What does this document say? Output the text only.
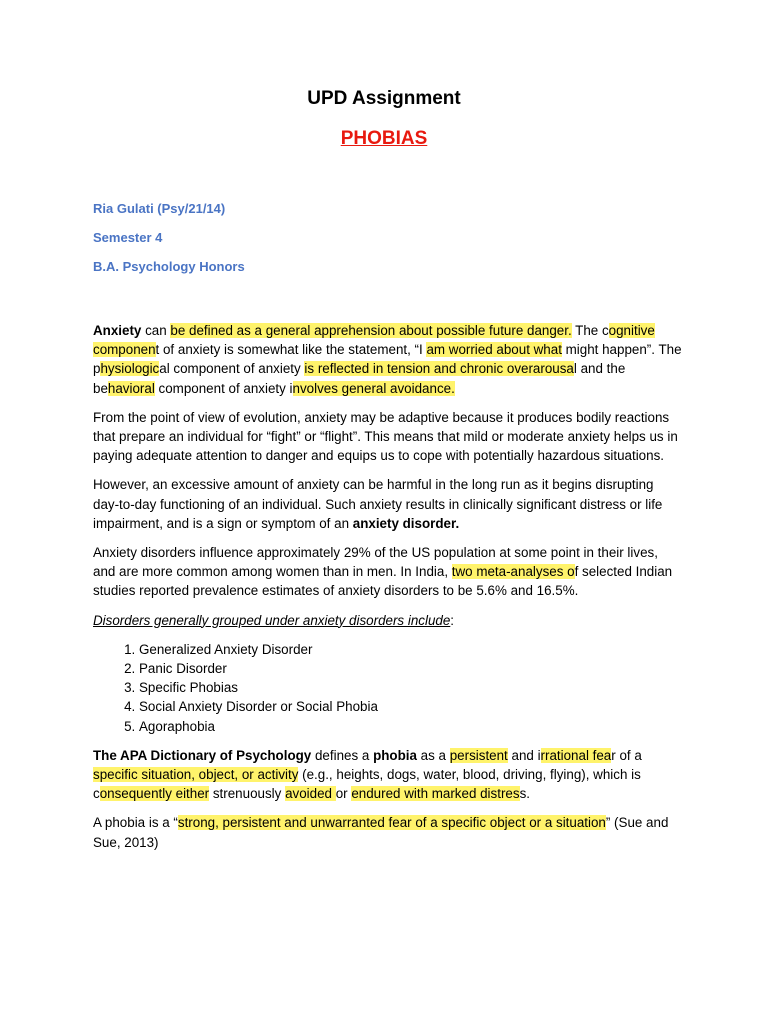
UPD Assignment
PHOBIAS
Ria Gulati (Psy/21/14)
Semester 4
B.A. Psychology Honors

Anxiety can be defined as a general apprehension about possible future danger. The cognitive component of anxiety is somewhat like the statement, “I am worried about what might happen”. The physiological component of anxiety is reflected in tension and chronic overarousal and the behavioral component of anxiety involves general avoidance.

From the point of view of evolution, anxiety may be adaptive because it produces bodily reactions that prepare an individual for “fight” or “flight”. This means that mild or moderate anxiety helps us in paying adequate attention to danger and equips us to cope with potentially hazardous situations.

However, an excessive amount of anxiety can be harmful in the long run as it begins disrupting day-to-day functioning of an individual. Such anxiety results in clinically significant distress or life impairment, and is a sign or symptom of an anxiety disorder.

Anxiety disorders influence approximately 29% of the US population at some point in their lives, and are more common among women than in men. In India, two meta-analyses of selected Indian studies reported prevalence estimates of anxiety disorders to be 5.6% and 16.5%.

Disorders generally grouped under anxiety disorders include:

1. Generalized Anxiety Disorder
2. Panic Disorder
3. Specific Phobias
4. Social Anxiety Disorder or Social Phobia
5. Agoraphobia

The APA Dictionary of Psychology defines a phobia as a persistent and irrational fear of a specific situation, object, or activity (e.g., heights, dogs, water, blood, driving, flying), which is consequently either strenuously avoided or endured with marked distress.

A phobia is a “strong, persistent and unwarranted fear of a specific object or a situation” (Sue and Sue, 2013)
